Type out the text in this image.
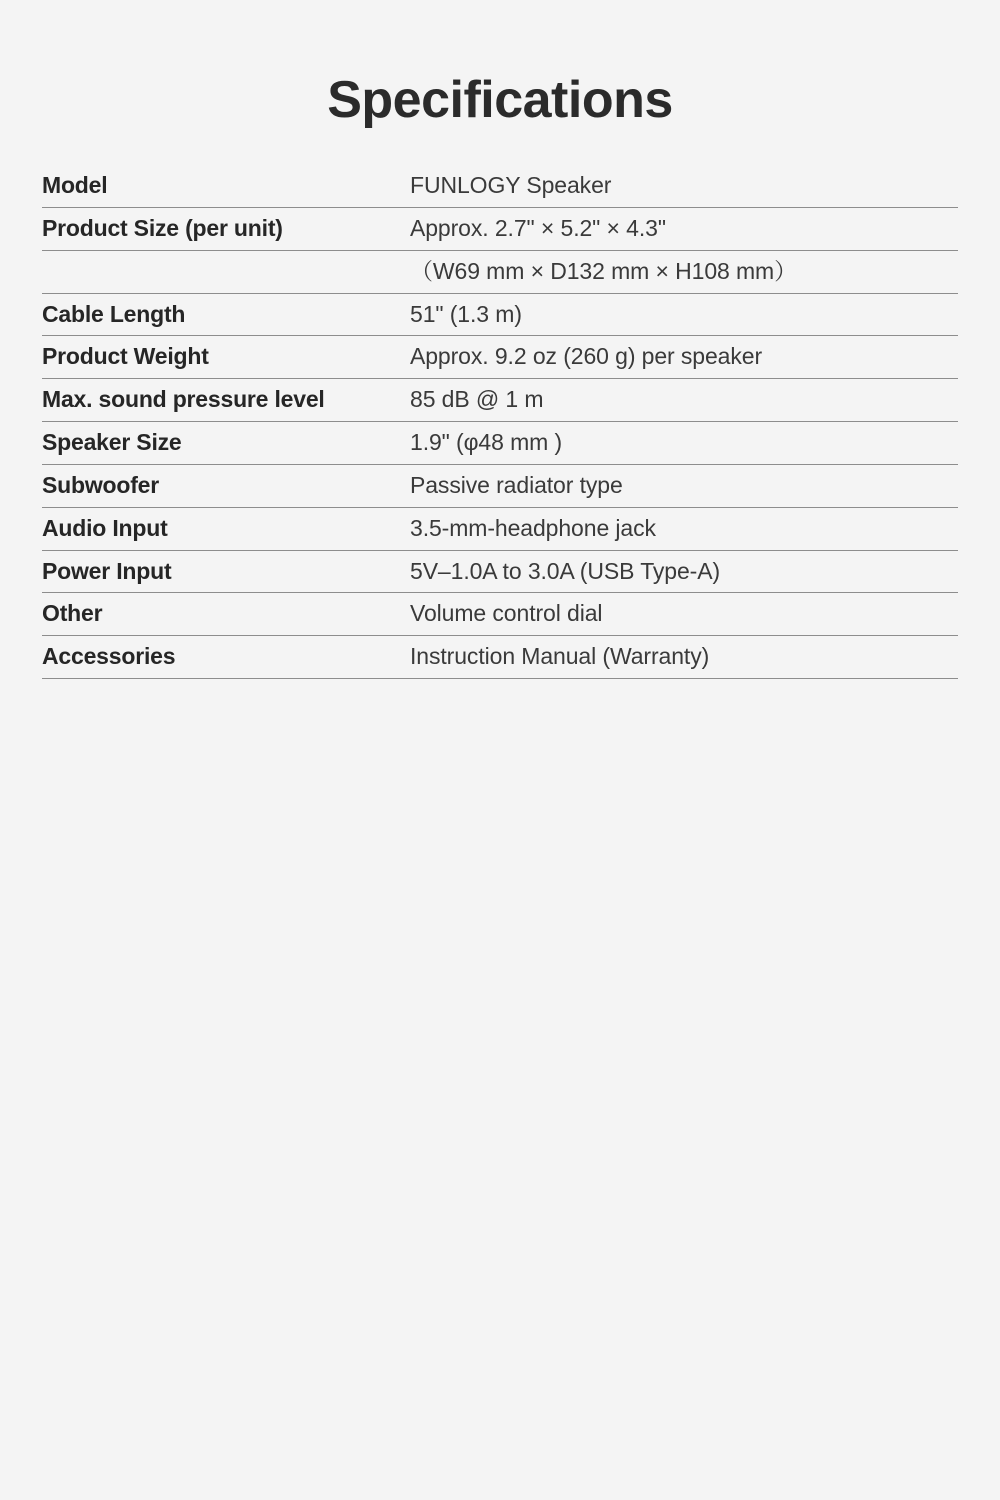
Specifications
Model	FUNLOGY Speaker
Product Size (per unit)	Approx. 2.7" × 5.2" × 4.3"
	（W69 mm × D132 mm × H108 mm）
Cable Length	51" (1.3 m)
Product Weight	Approx. 9.2 oz (260 g) per speaker
Max. sound pressure level	85 dB @ 1 m
Speaker Size	1.9" (φ48 mm )
Subwoofer	Passive radiator type
Audio Input	3.5-mm-headphone jack
Power Input	5V–1.0A to 3.0A (USB Type-A)
Other	Volume control dial
Accessories	Instruction Manual (Warranty)
